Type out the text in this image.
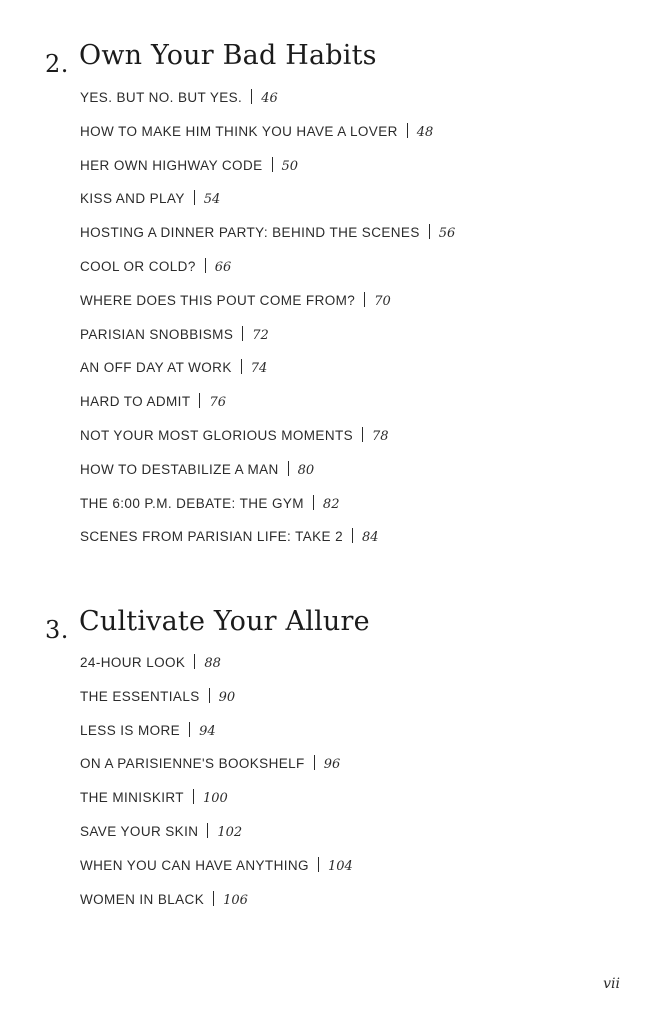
2. Own Your Bad Habits
YES. BUT NO. BUT YES. 46
HOW TO MAKE HIM THINK YOU HAVE A LOVER 48
HER OWN HIGHWAY CODE 50
KISS AND PLAY 54
HOSTING A DINNER PARTY: BEHIND THE SCENES 56
COOL OR COLD? 66
WHERE DOES THIS POUT COME FROM? 70
PARISIAN SNOBBISMS 72
AN OFF DAY AT WORK 74
HARD TO ADMIT 76
NOT YOUR MOST GLORIOUS MOMENTS 78
HOW TO DESTABILIZE A MAN 80
THE 6:00 P.M. DEBATE: THE GYM 82
SCENES FROM PARISIAN LIFE: TAKE 2 84
3. Cultivate Your Allure
24-HOUR LOOK 88
THE ESSENTIALS 90
LESS IS MORE 94
ON A PARISIENNE'S BOOKSHELF 96
THE MINISKIRT 100
SAVE YOUR SKIN 102
WHEN YOU CAN HAVE ANYTHING 104
WOMEN IN BLACK 106
vii
